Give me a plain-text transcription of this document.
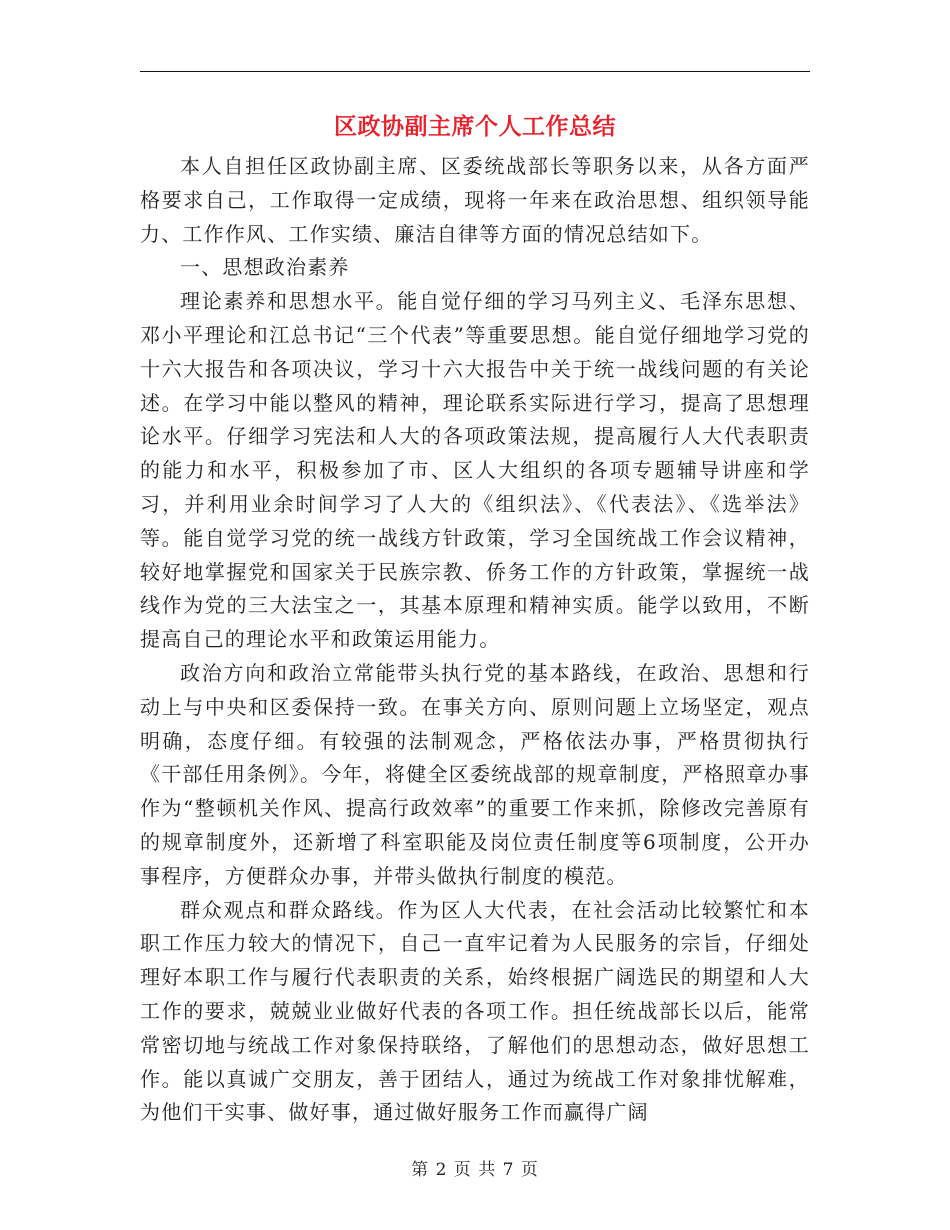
区政协副主席个人工作总结

本人自担任区政协副主席、区委统战部长等职务以来，从各方面严格要求自己，工作取得一定成绩，现将一年来在政治思想、组织领导能力、工作作风、工作实绩、廉洁自律等方面的情况总结如下。

一、思想政治素养

理论素养和思想水平。能自觉仔细的学习马列主义、毛泽东思想、邓小平理论和江总书记“三个代表”等重要思想。能自觉仔细地学习党的十六大报告和各项决议，学习十六大报告中关于统一战线问题的有关论述。在学习中能以整风的精神，理论联系实际进行学习，提高了思想理论水平。仔细学习宪法和人大的各项政策法规，提高履行人大代表职责的能力和水平，积极参加了市、区人大组织的各项专题辅导讲座和学习，并利用业余时间学习了人大的《组织法》、《代表法》、《选举法》等。能自觉学习党的统一战线方针政策，学习全国统战工作会议精神，较好地掌握党和国家关于民族宗教、侨务工作的方针政策，掌握统一战线作为党的三大法宝之一，其基本原理和精神实质。能学以致用，不断提高自己的理论水平和政策运用能力。

政治方向和政治立常能带头执行党的基本路线，在政治、思想和行动上与中央和区委保持一致。在事关方向、原则问题上立场坚定，观点明确，态度仔细。有较强的法制观念，严格依法办事，严格贯彻执行《干部任用条例》。今年，将健全区委统战部的规章制度，严格照章办事作为“整顿机关作风、提高行政效率”的重要工作来抓，除修改完善原有的规章制度外，还新增了科室职能及岗位责任制度等6项制度，公开办事程序，方便群众办事，并带头做执行制度的模范。

群众观点和群众路线。作为区人大代表，在社会活动比较繁忙和本职工作压力较大的情况下，自己一直牢记着为人民服务的宗旨，仔细处理好本职工作与履行代表职责的关系，始终根据广阔选民的期望和人大工作的要求，兢兢业业做好代表的各项工作。担任统战部长以后，能常常密切地与统战工作对象保持联络，了解他们的思想动态，做好思想工作。能以真诚广交朋友，善于团结人，通过为统战工作对象排忧解难，为他们干实事、做好事，通过做好服务工作而赢得广阔

第 2 页 共 7 页
